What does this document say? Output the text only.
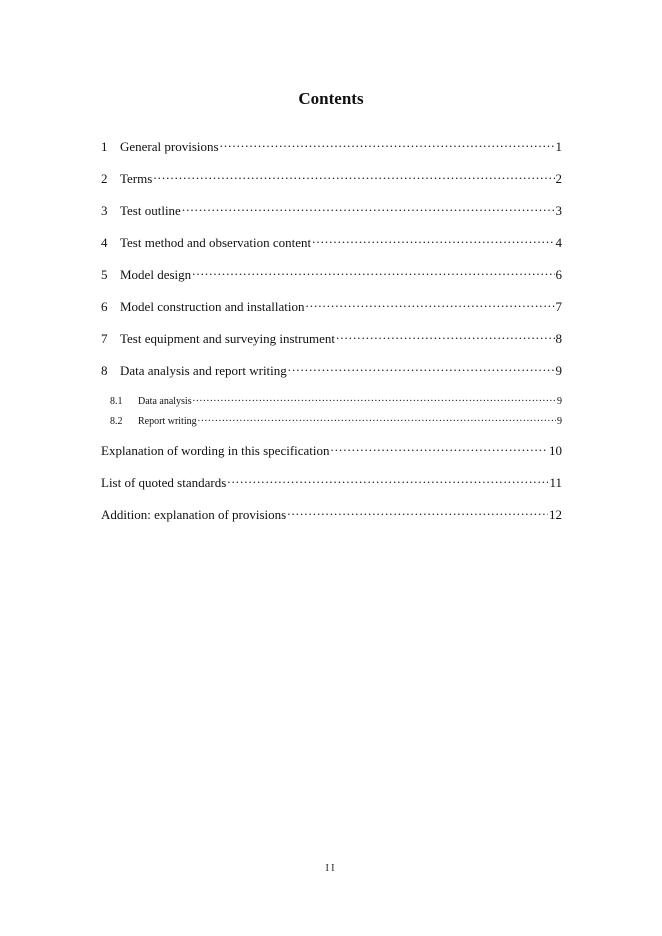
Contents
1 General provisions .....	1
2 Terms .....	2
3 Test outline .....	3
4 Test method and observation content .....	4
5 Model design .....	6
6 Model construction and installation .....	7
7 Test equipment and surveying instrument .....	8
8 Data analysis and report writing .....	9
8.1	Data analysis .....	9
8.2	Report writing .....	9
Explanation of wording in this specification .....	10
List of quoted standards .....	11
Addition: explanation of provisions .....	12
II
